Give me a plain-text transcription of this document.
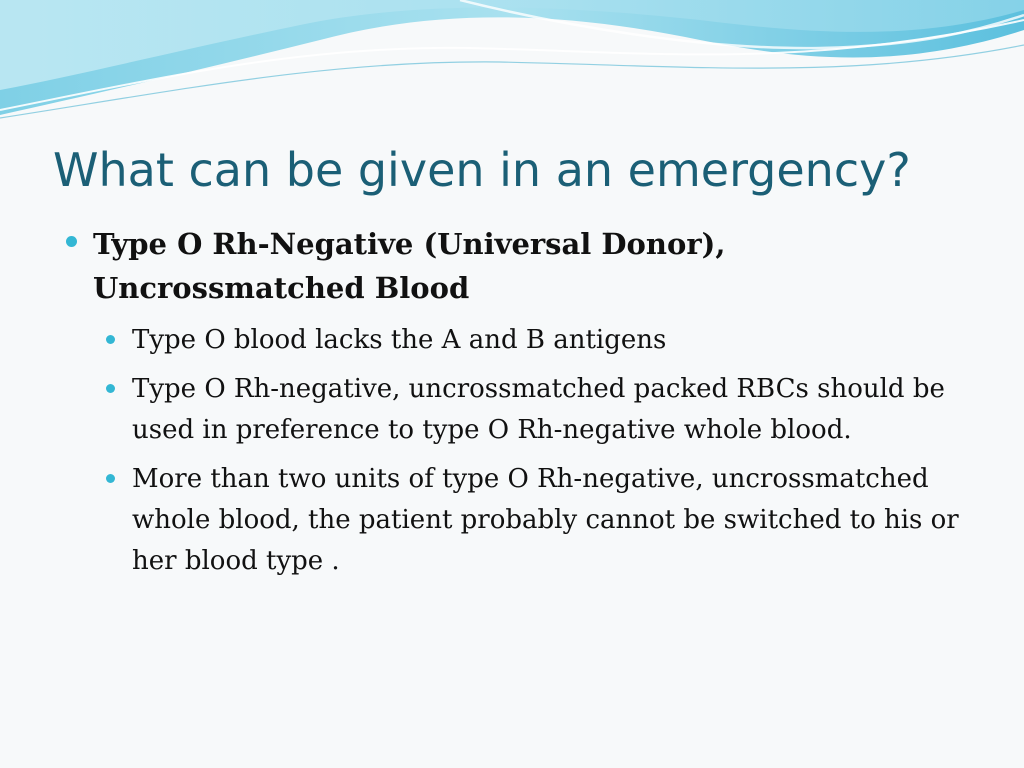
What can be given in an emergency?

Type O Rh-Negative (Universal Donor),
Uncrossmatched Blood

Type O blood lacks the A and B antigens
Type O Rh-negative, uncrossmatched packed RBCs should be used in preference to type O Rh-negative whole blood.
More than two units of type O Rh-negative, uncrossmatched whole blood, the patient probably cannot be switched to his or her blood type .
